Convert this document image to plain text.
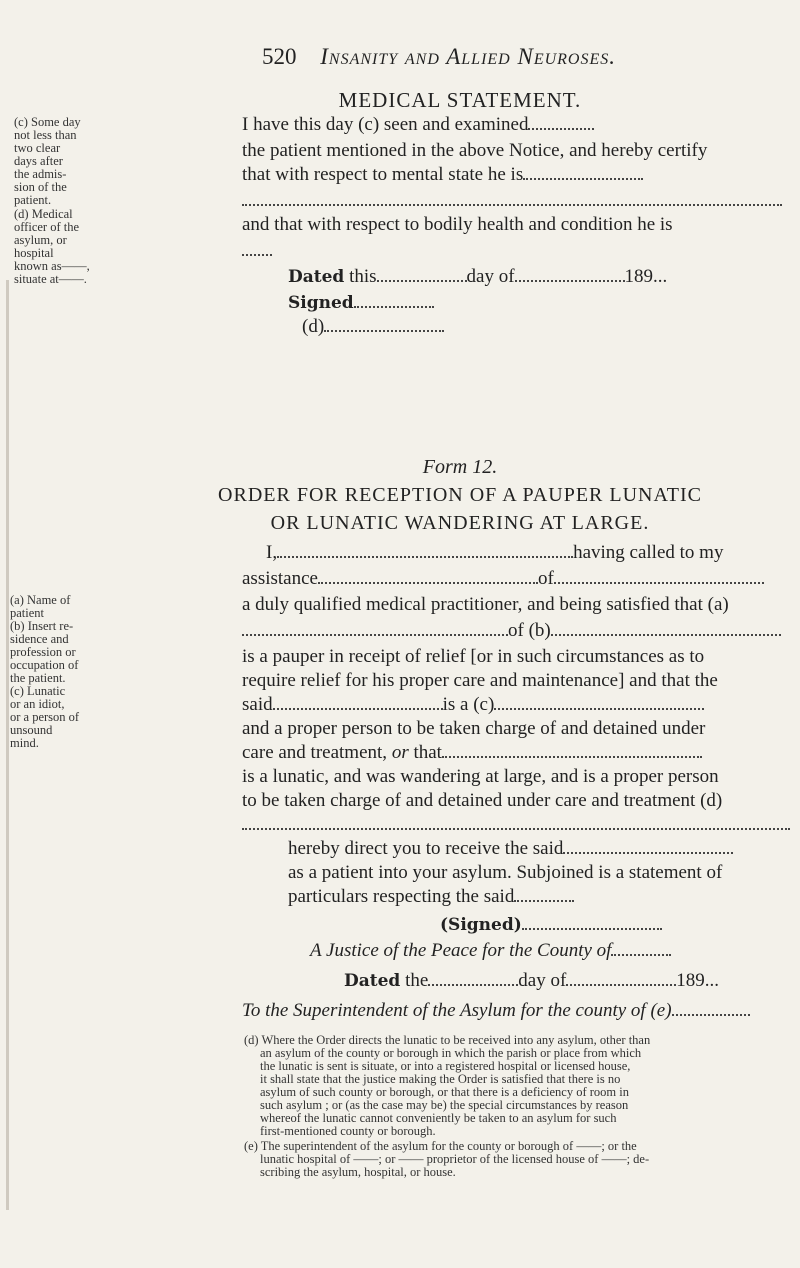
520 Insanity and Allied Neuroses.
MEDICAL STATEMENT.
(c) Some day
not less than
two clear
days after
the admis-
sion of the
patient.
(d) Medical
officer of the
asylum, or
hospital
known as——,
situate at——.
I have this day (c) seen and examined
the patient mentioned in the above Notice, and hereby certify
that with respect to mental state he is
and that with respect to bodily health and condition he is
Dated this	day of	189...
Signed
(d)
Form 12.
ORDER FOR RECEPTION OF A PAUPER LUNATIC
OR LUNATIC WANDERING AT LARGE.
(a) Name of
patient
(b) Insert re-
sidence and
profession or
occupation of
the patient.
(c) Lunatic
or an idiot,
or a person of
unsound
mind.
I,	having called to my
assistance	of
a duly qualified medical practitioner, and being satisfied that (a)
of (b)
is a pauper in receipt of relief [or in such circumstances as to
require relief for his proper care and maintenance] and that the
said	is a (c)
and a proper person to be taken charge of and detained under
care and treatment, or that
is a lunatic, and was wandering at large, and is a proper person
to be taken charge of and detained under care and treatment (d)
hereby direct you to receive the said
as a patient into your asylum. Subjoined is a statement of
particulars respecting the said
(Signed)
A Justice of the Peace for the County of
Dated the	day of	189...
To the Superintendent of the Asylum for the county of (e)
(d) Where the Order directs the lunatic to be received into any asylum, other than
an asylum of the county or borough in which the parish or place from which
the lunatic is sent is situate, or into a registered hospital or licensed house,
it shall state that the justice making the Order is satisfied that there is no
asylum of such county or borough, or that there is a deficiency of room in
such asylum ; or (as the case may be) the special circumstances by reason
whereof the lunatic cannot conveniently be taken to an asylum for such
first-mentioned county or borough.
(e) The superintendent of the asylum for the county or borough of ——; or the
lunatic hospital of ——; or —— proprietor of the licensed house of ——; de-
scribing the asylum, hospital, or house.
